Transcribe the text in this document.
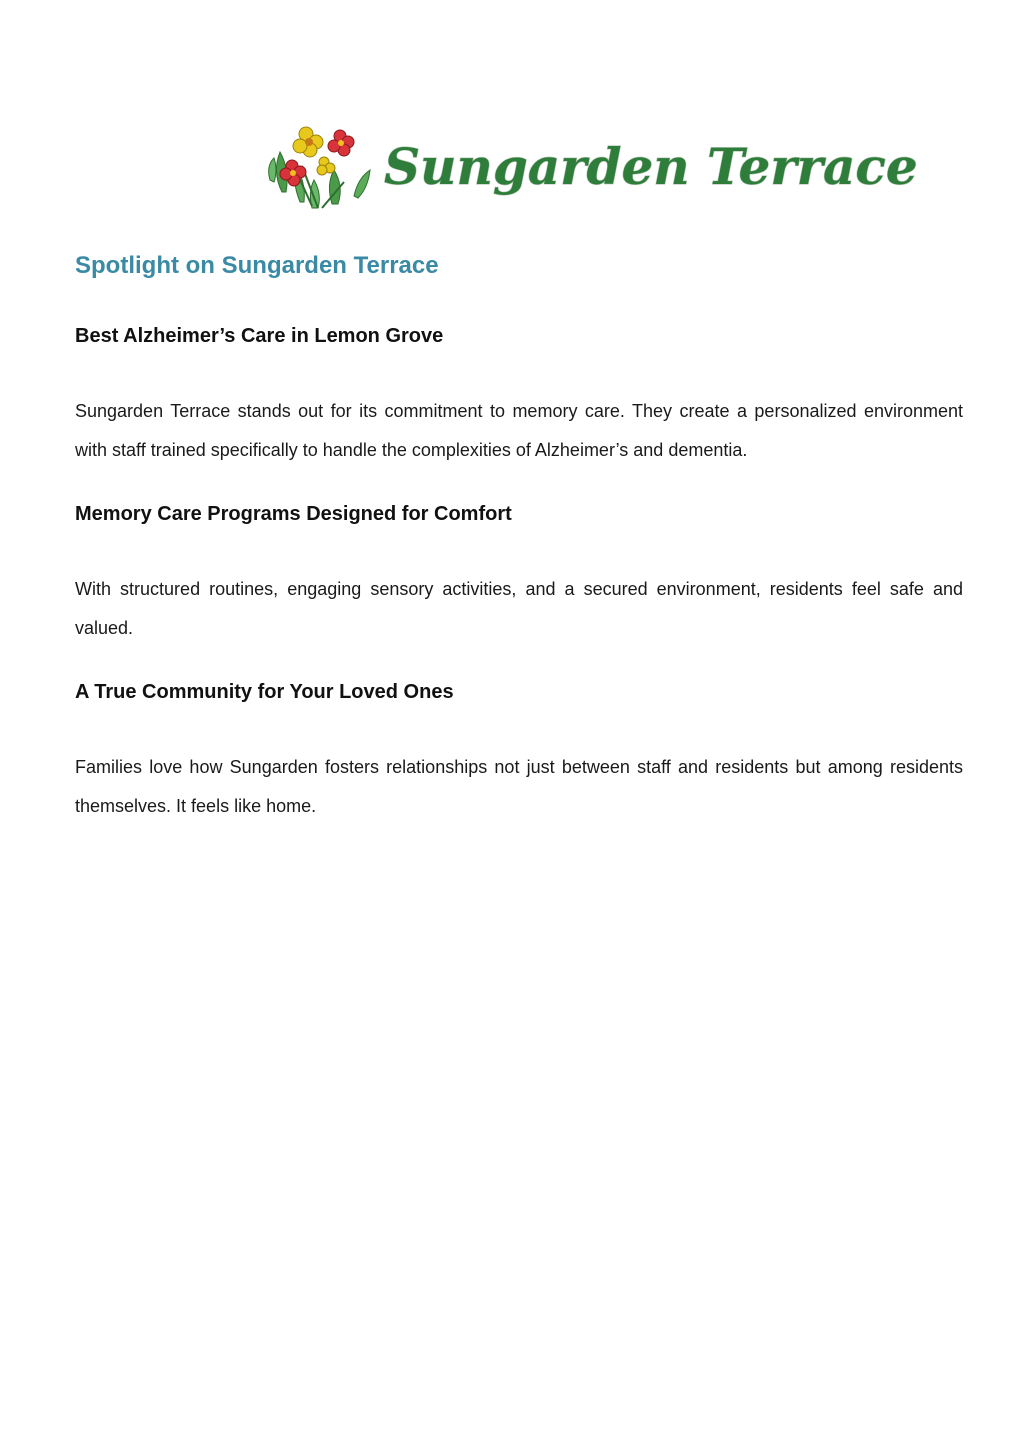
Sungarden Terrace
Spotlight on Sungarden Terrace
Best Alzheimer’s Care in Lemon Grove

Sungarden Terrace stands out for its commitment to memory care. They create a personalized environment with staff trained specifically to handle the complexities of Alzheimer’s and dementia.

Memory Care Programs Designed for Comfort

With structured routines, engaging sensory activities, and a secured environment, residents feel safe and valued.

A True Community for Your Loved Ones

Families love how Sungarden fosters relationships not just between staff and residents but among residents themselves. It feels like home.
